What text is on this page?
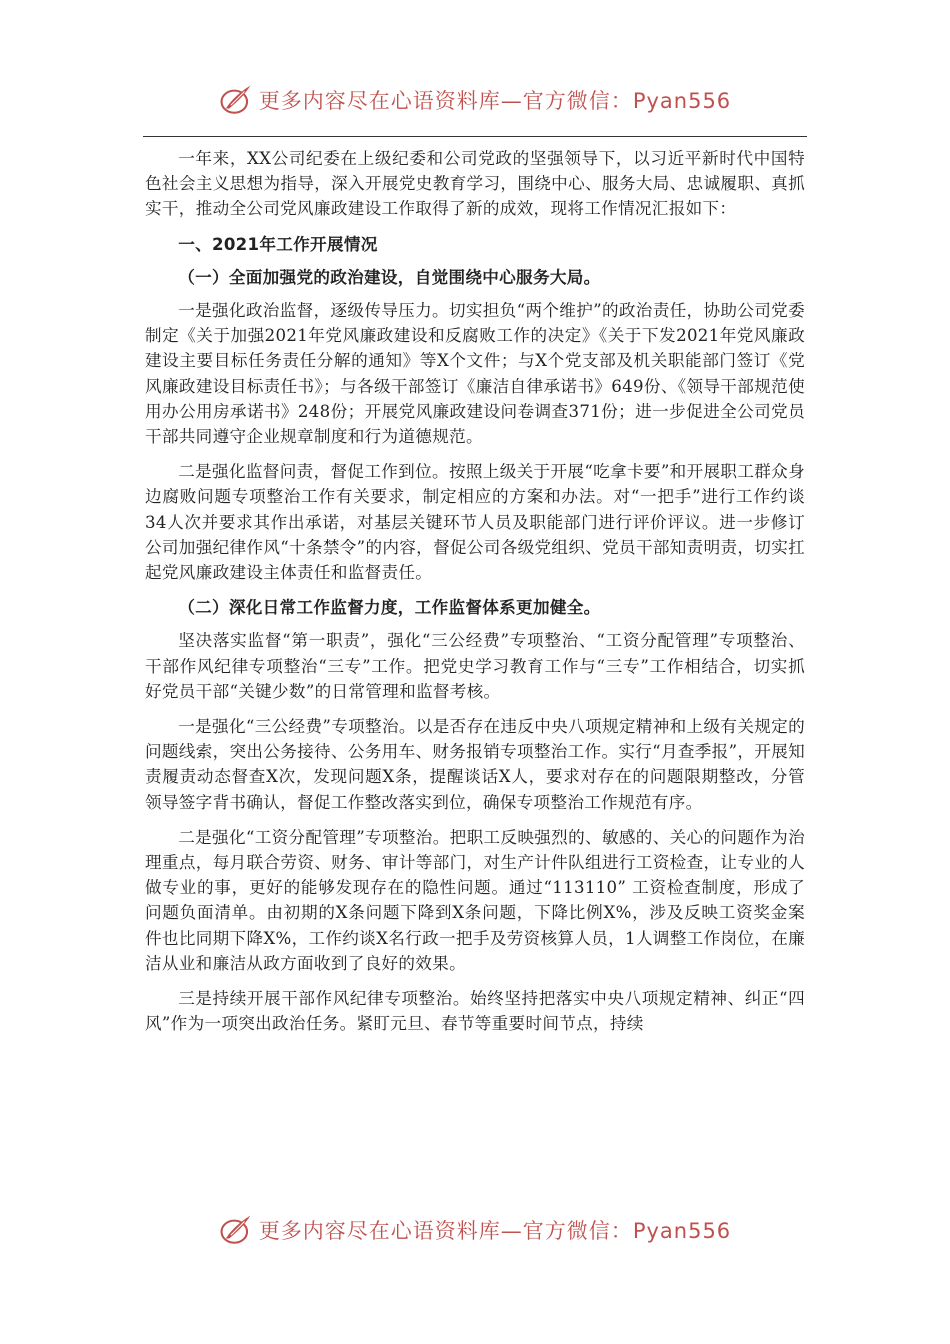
更多内容尽在心语资料库—官方微信：Pyan556

一年来，XX公司纪委在上级纪委和公司党政的坚强领导下，以习近平新时代中国特色社会主义思想为指导，深入开展党史教育学习，围绕中心、服务大局、忠诚履职、真抓实干，推动全公司党风廉政建设工作取得了新的成效，现将工作情况汇报如下：

一、2021年工作开展情况

（一）全面加强党的政治建设，自觉围绕中心服务大局。

一是强化政治监督，逐级传导压力。切实担负“两个维护”的政治责任，协助公司党委制定《关于加强2021年党风廉政建设和反腐败工作的决定》《关于下发2021年党风廉政建设主要目标任务责任分解的通知》等X个文件；与X个党支部及机关职能部门签订《党风廉政建设目标责任书》；与各级干部签订《廉洁自律承诺书》649份、《领导干部规范使用办公用房承诺书》248份；开展党风廉政建设问卷调查371份；进一步促进全公司党员干部共同遵守企业规章制度和行为道德规范。

二是强化监督问责，督促工作到位。按照上级关于开展“吃拿卡要”和开展职工群众身边腐败问题专项整治工作有关要求，制定相应的方案和办法。对“一把手”进行工作约谈34人次并要求其作出承诺，对基层关键环节人员及职能部门进行评价评议。进一步修订公司加强纪律作风“十条禁令”的内容，督促公司各级党组织、党员干部知责明责，切实扛起党风廉政建设主体责任和监督责任。

（二）深化日常工作监督力度，工作监督体系更加健全。

坚决落实监督“第一职责”，强化“三公经费”专项整治、“工资分配管理”专项整治、干部作风纪律专项整治“三专”工作。把党史学习教育工作与“三专”工作相结合，切实抓好党员干部“关键少数”的日常管理和监督考核。

一是强化“三公经费”专项整治。以是否存在违反中央八项规定精神和上级有关规定的问题线索，突出公务接待、公务用车、财务报销专项整治工作。实行“月查季报”，开展知责履责动态督查X次，发现问题X条，提醒谈话X人，要求对存在的问题限期整改，分管领导签字背书确认，督促工作整改落实到位，确保专项整治工作规范有序。

二是强化“工资分配管理”专项整治。把职工反映强烈的、敏感的、关心的问题作为治理重点，每月联合劳资、财务、审计等部门，对生产计件队组进行工资检查，让专业的人做专业的事，更好的能够发现存在的隐性问题。通过“113110” 工资检查制度，形成了问题负面清单。由初期的X条问题下降到X条问题，下降比例X%，涉及反映工资奖金案件也比同期下降X%，工作约谈X名行政一把手及劳资核算人员，1人调整工作岗位，在廉洁从业和廉洁从政方面收到了良好的效果。

三是持续开展干部作风纪律专项整治。始终坚持把落实中央八项规定精神、纠正“四风”作为一项突出政治任务。紧盯元旦、春节等重要时间节点，持续

更多内容尽在心语资料库—官方微信：Pyan556
